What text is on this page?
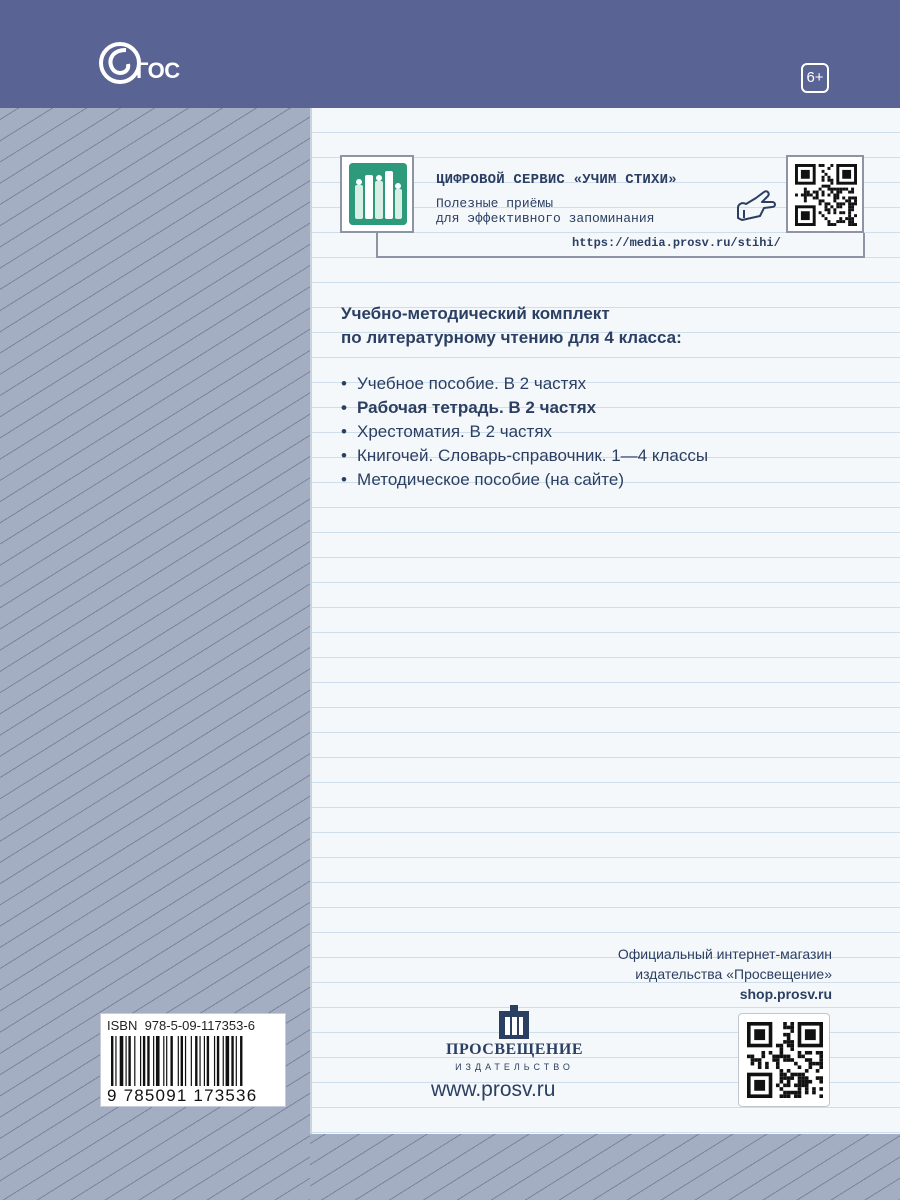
ГОС	6+
ЦИФРОВОЙ СЕРВИС «УЧИМ СТИХИ»
Полезные приёмы
для эффективного запоминания
https://media.prosv.ru/stihi/
Учебно-методический комплект
по литературному чтению для 4 класса:
• Учебное пособие. В 2 частях
• Рабочая тетрадь. В 2 частях
• Хрестоматия. В 2 частях
• Книгочей. Словарь-справочник. 1—4 классы
• Методическое пособие (на сайте)
Официальный интернет-магазин
издательства «Просвещение»
shop.prosv.ru
ISBN 978-5-09-117353-6
9 785091 173536
ПРОСВЕЩЕНИЕ
ИЗДАТЕЛЬСТВО
www.prosv.ru
